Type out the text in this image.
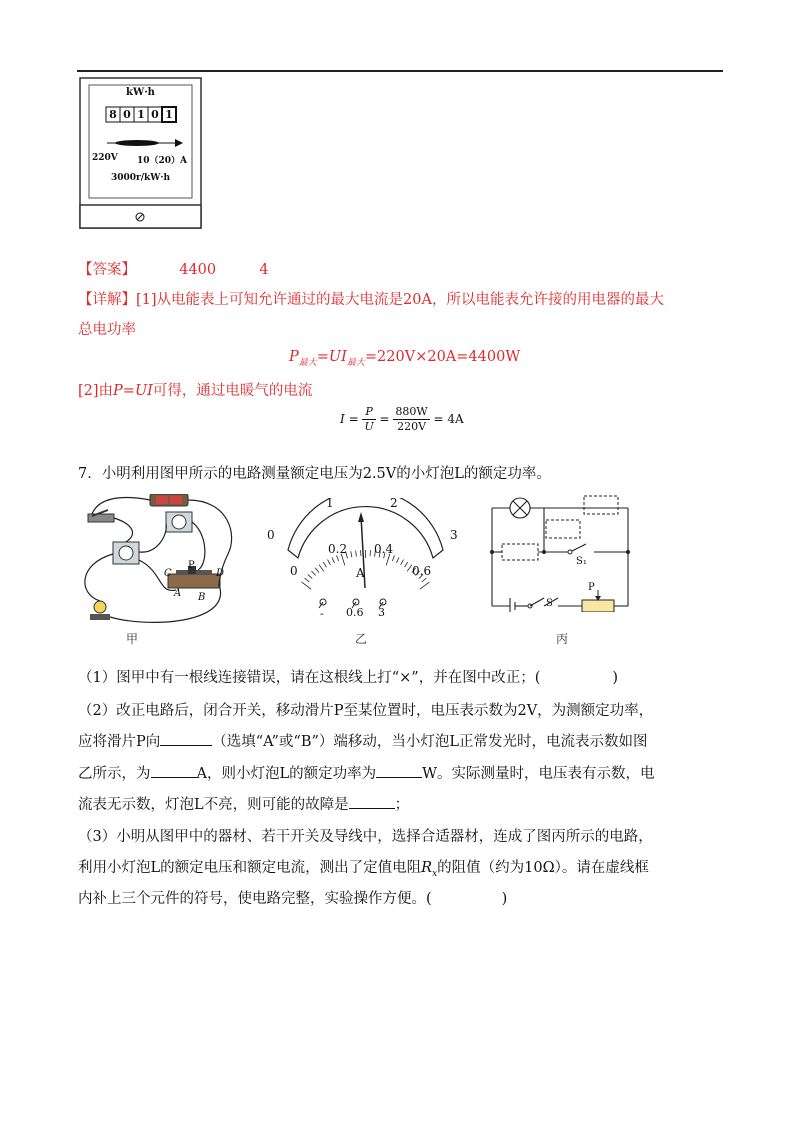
kW·h
8 0 1 0 1
220V 10（20）A
3000r/kW·h
【答案】	4400	4
【详解】[1]从电能表上可知允许通过的最大电流是20A，所以电能表允许接的用电器的最大
总电功率
$P_{最大}=UI_{最大}=220V\times 20A=4400W$
[2]由P=UI可得，通过电暖气的电流
$I = \frac{P}{U} = \frac{880W}{220V} = 4A$
7．小明利用图甲所示的电路测量额定电压为2.5V的小灯泡L的额定功率。
C
P
D
A B
0
1	2
3
0
0.2 0.4
0.6
A
- 0.6 3
S₁
P
S
甲	乙	丙
（1）图甲中有一根线连接错误，请在这根线上打“×”，并在图中改正；(	)
（2）改正电路后，闭合开关，移动滑片P至某位置时，电压表示数为2V，为测额定功率，
应将滑片P向	（选填“A”或“B”）端移动，当小灯泡L正常发光时，电流表示数如图
乙所示，为	A，则小灯泡L的额定功率为	W。实际测量时，电压表有示数，电
流表无示数，灯泡L不亮，则可能的故障是	；
（3）小明从图甲中的器材、若干开关及导线中，选择合适器材，连成了图丙所示的电路，
利用小灯泡L的额定电压和额定电流，测出了定值电阻$R_x$的阻值（约为10Ω）。请在虚线框
内补上三个元件的符号，使电路完整，实验操作方便。(	)
